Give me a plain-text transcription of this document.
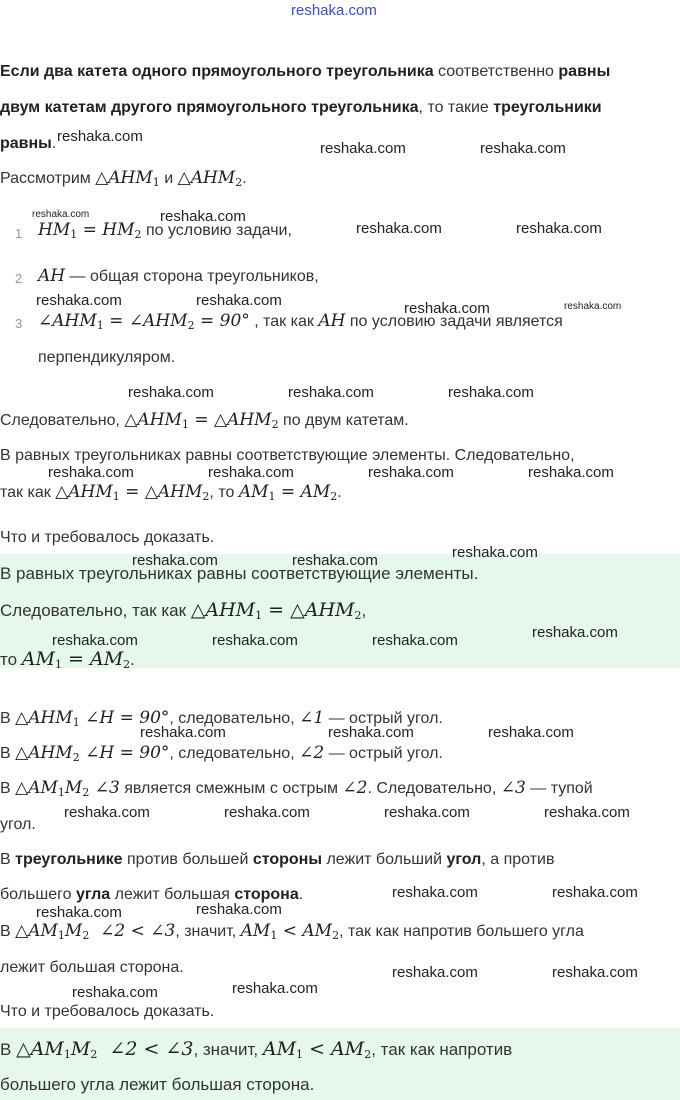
reshaka.com
Если два катета одного прямоугольного треугольника соответственно равны
двум катетам другого прямоугольного треугольника, то такие треугольники
равны.
Рассмотрим $\triangle AHM_1$ и $\triangle AHM_2$.
1 $HM_1 = HM_2$ по условию задачи,
2 AH — общая сторона треугольников,
3 $\angle AHM_1$ = $\angle AHM_2 = 90^\circ$ , так как AH по условию задачи является
перпендикуляром.
Следовательно, $\triangle AHM_1$ = $\triangle AHM_2$ по двум катетам.
В равных треугольниках равны соответствующие элементы. Следовательно,
так как $\triangle AHM_1$ = $\triangle AHM_2$, то $AM_1 = AM_2$.
Что и требовалось доказать.
В равных треугольниках равны соответствующие элементы.
Следовательно, так как $\triangle AHM_1$ = $\triangle AHM_2$,
то $AM_1 = AM_2$.
В $\triangle AHM_1$ ∠H = 90°, следовательно, ∠1 — острый угол.
В $\triangle AHM_2$ ∠H = 90°, следовательно, ∠2 — острый угол.
В $\triangle AM_1M_2$ ∠3 является смежным с острым ∠2. Следовательно, ∠3 — тупой
угол.
В треугольнике против большей стороны лежит больший угол, а против
большего угла лежит большая сторона.
В $\triangle AM_1M_2$  ∠2 < ∠3, значит, $AM_1 < AM_2$, так как напротив большего угла
лежит большая сторона.
Что и требовалось доказать.
В $\triangle AM_1M_2$  ∠2 < ∠3, значит, $AM_1 < AM_2$, так как напротив
большего угла лежит большая сторона.
reshaka.com
reshaka.com	reshaka.com
reshaka.com	reshaka.com
reshaka.com	reshaka.com
reshaka.com	reshaka.com	reshaka.com	reshaka.com
reshaka.com	reshaka.com	reshaka.com
reshaka.com	reshaka.com	reshaka.com	reshaka.com
reshaka.com
reshaka.com	reshaka.com
reshaka.com
reshaka.com	reshaka.com	reshaka.com
reshaka.com	reshaka.com	reshaka.com
reshaka.com	reshaka.com	reshaka.com	reshaka.com
reshaka.com	reshaka.com
reshaka.com
reshaka.com
reshaka.com	reshaka.com
reshaka.com
reshaka.com
